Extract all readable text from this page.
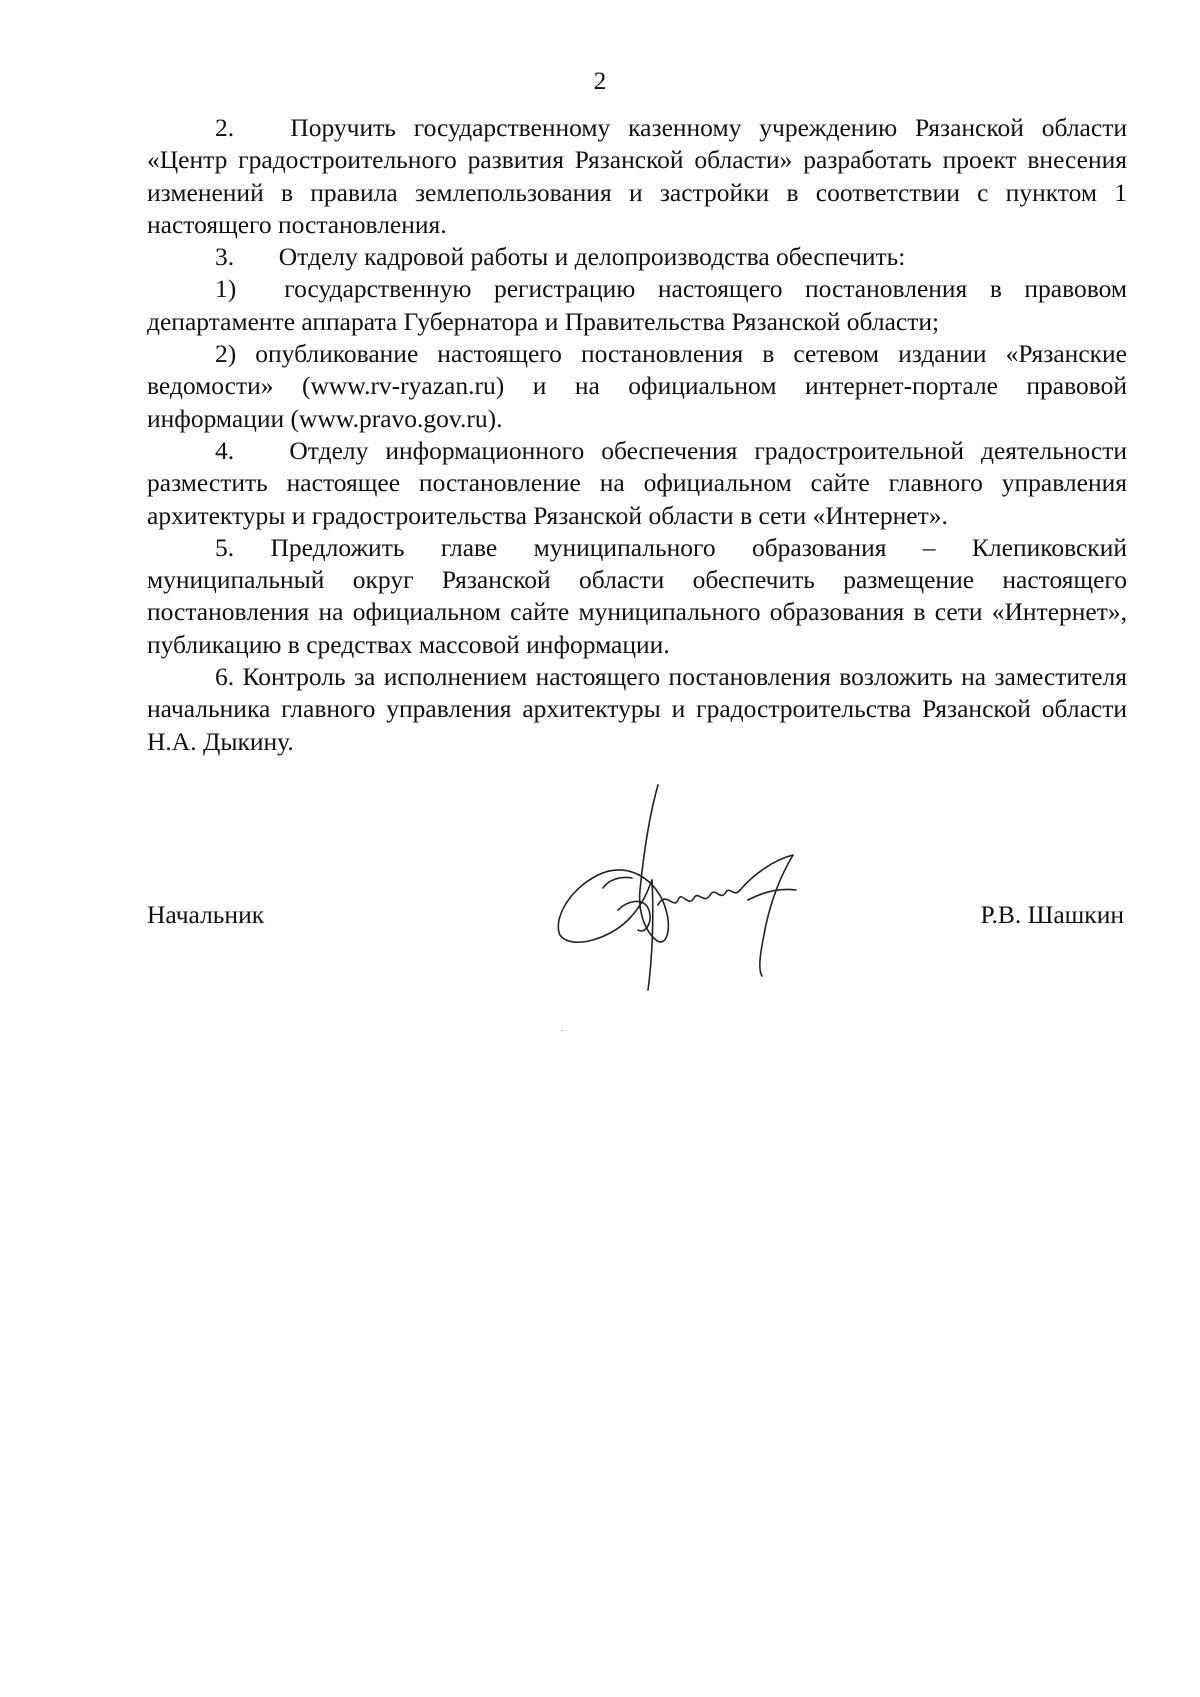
2

2.   Поручить государственному казенному учреждению Рязанской области «Центр градостроительного развития Рязанской области» разработать проект внесения изменений в правила землепользования и застройки в соответствии с пунктом 1 настоящего постановления.

3.   Отделу кадровой работы и делопроизводства обеспечить:

1)  государственную регистрацию настоящего постановления в правовом департаменте аппарата Губернатора и Правительства Рязанской области;

2) опубликование настоящего постановления в сетевом издании «Рязанские ведомости» (www.rv-ryazan.ru) и на официальном интернет-портале правовой информации (www.pravo.gov.ru).

4.   Отделу информационного обеспечения градостроительной деятельности разместить настоящее постановление на официальном сайте главного управления архитектуры и градостроительства Рязанской области в сети «Интернет».

5. Предложить главе муниципального образования – Клепиковский муниципальный округ Рязанской области обеспечить размещение настоящего постановления на официальном сайте муниципального образования в сети «Интернет», публикацию в средствах массовой информации.

6. Контроль за исполнением настоящего постановления возложить на заместителя начальника главного управления архитектуры и градостроительства Рязанской области Н.А. Дыкину.

Начальник	Р.В. Шашкин
